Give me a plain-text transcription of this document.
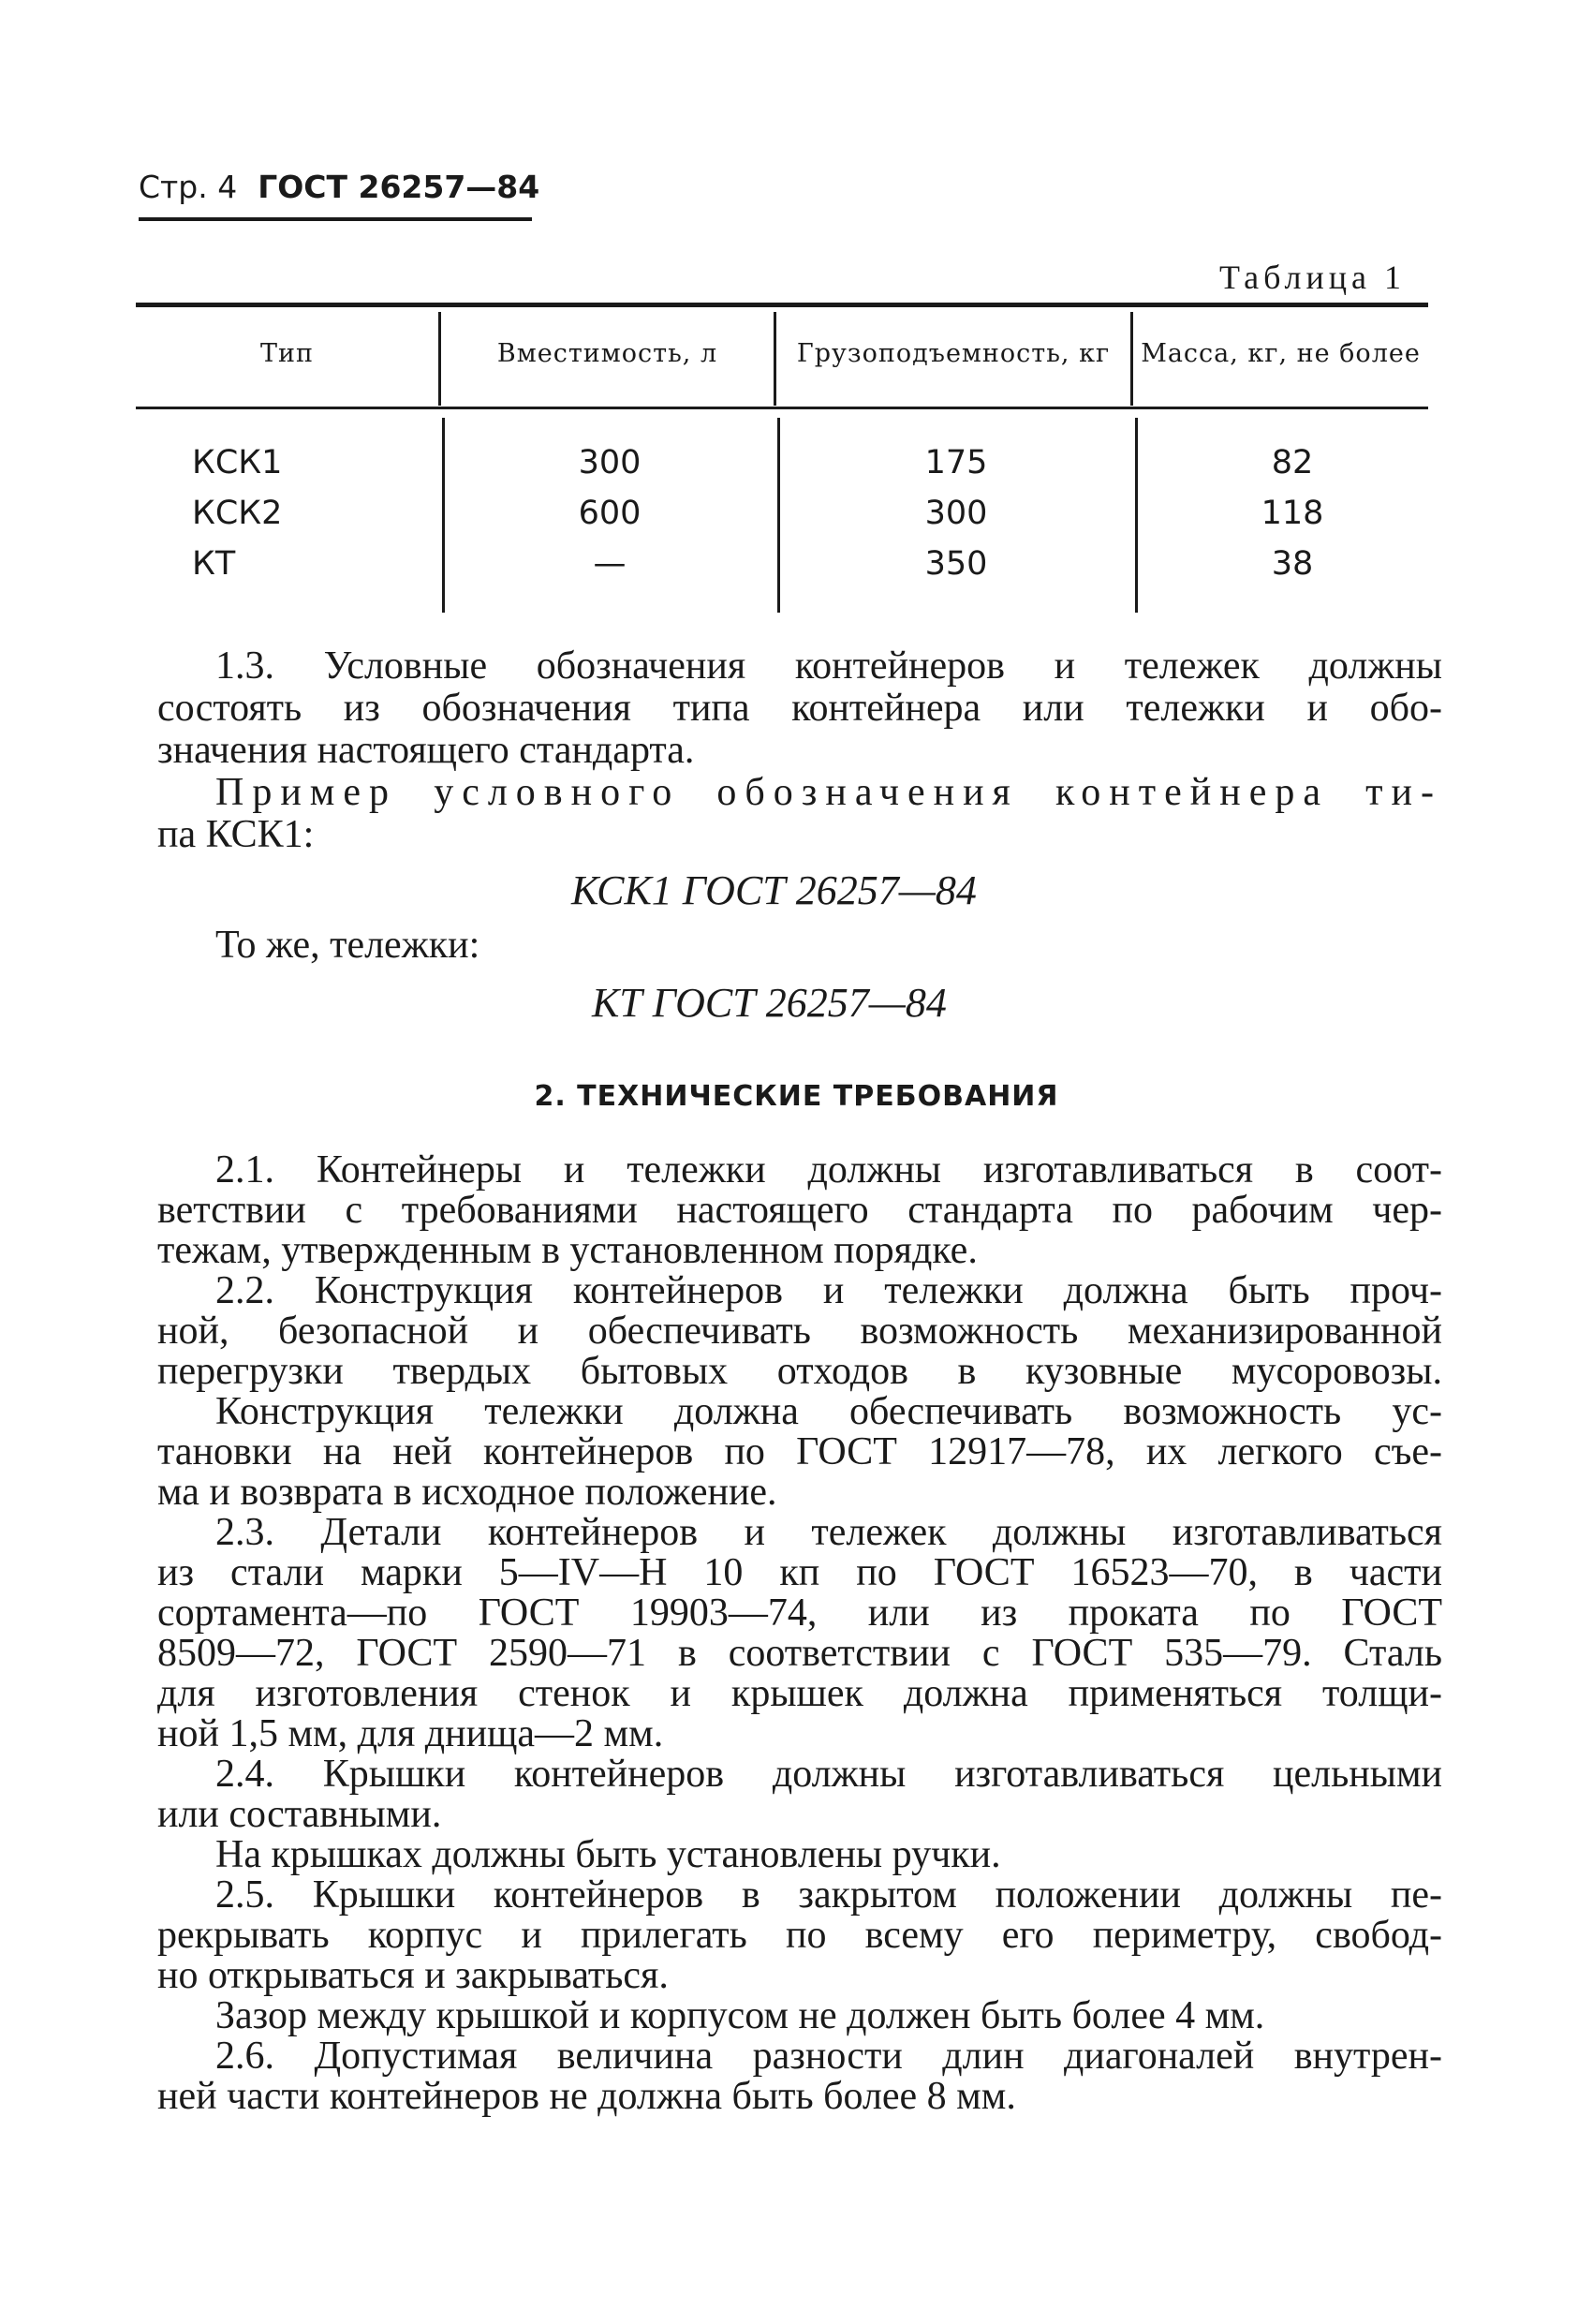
Стр. 4 ГОСТ 26257—84
Таблица 1
Тип	Вместимость, л	Грузоподъемность, кг	Масса, кг, не более
КСК1	300	175	82
КСК2	600	300	118
КТ	—	350	38
1.3. Условные обозначения контейнеров и тележек должны
состоять из обозначения типа контейнера или тележки и обо-
значения настоящего стандарта.
Пример условного обозначения контейнера ти-
па КСК1:
КСК1 ГОСТ 26257—84
То же, тележки:
КТ ГОСТ 26257—84
2. ТЕХНИЧЕСКИЕ ТРЕБОВАНИЯ
2.1. Контейнеры и тележки должны изготавливаться в соот-
ветствии с требованиями настоящего стандарта по рабочим чер-
тежам, утвержденным в установленном порядке.
2.2. Конструкция контейнеров и тележки должна быть проч-
ной, безопасной и обеспечивать возможность механизированной
перегрузки твердых бытовых отходов в кузовные мусоровозы.
Конструкция тележки должна обеспечивать возможность ус-
тановки на ней контейнеров по ГОСТ 12917—78, их легкого съе-
ма и возврата в исходное положение.
2.3. Детали контейнеров и тележек должны изготавливаться
из стали марки 5—IV—Н 10 кп по ГОСТ 16523—70, в части
сортамента—по ГОСТ 19903—74, или из проката по ГОСТ
8509—72, ГОСТ 2590—71 в соответствии с ГОСТ 535—79. Сталь
для изготовления стенок и крышек должна применяться толщи-
ной 1,5 мм, для днища—2 мм.
2.4. Крышки контейнеров должны изготавливаться цельными
или составными.
На крышках должны быть установлены ручки.
2.5. Крышки контейнеров в закрытом положении должны пе-
рекрывать корпус и прилегать по всему его периметру, свобод-
но открываться и закрываться.
Зазор между крышкой и корпусом не должен быть более 4 мм.
2.6. Допустимая величина разности длин диагоналей внутрен-
ней части контейнеров не должна быть более 8 мм.
